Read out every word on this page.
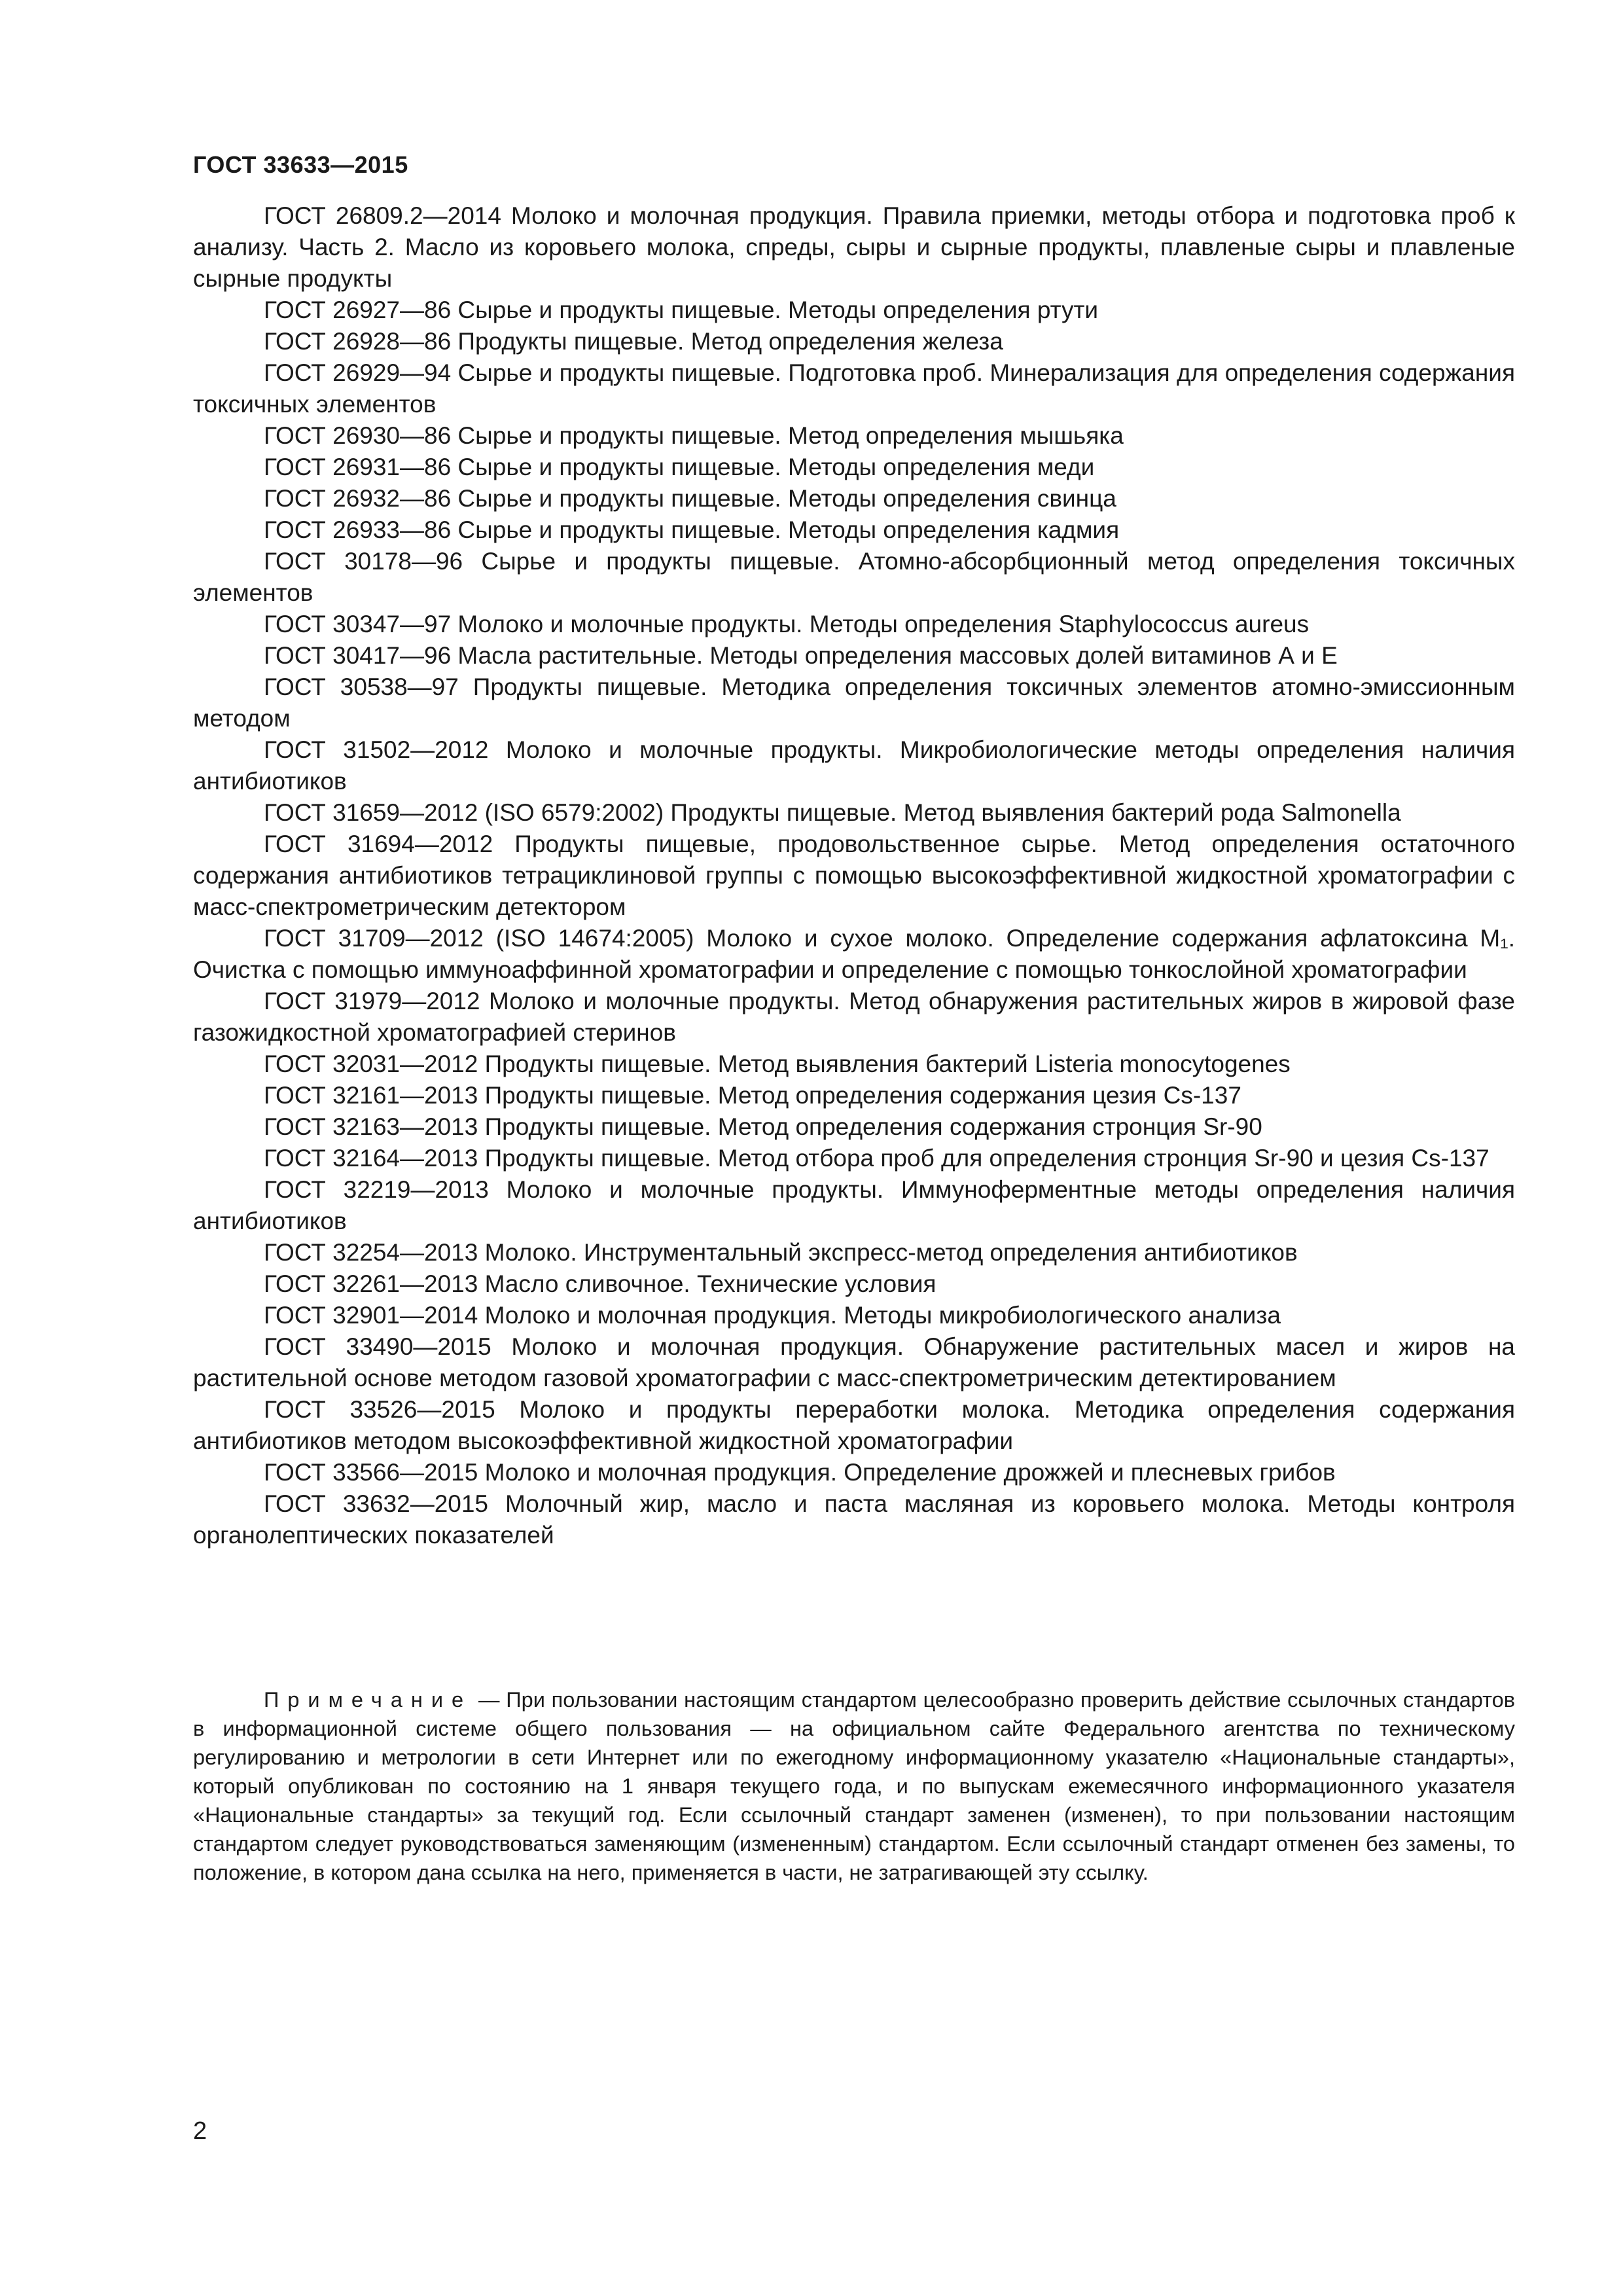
ГОСТ 33633—2015

ГОСТ 26809.2—2014 Молоко и молочная продукция. Правила приемки, методы отбора и подготовка проб к анализу. Часть 2. Масло из коровьего молока, спреды, сыры и сырные продукты, плавленые сыры и плавленые сырные продукты

ГОСТ 26927—86 Сырье и продукты пищевые. Методы определения ртути

ГОСТ 26928—86 Продукты пищевые. Метод определения железа

ГОСТ 26929—94 Сырье и продукты пищевые. Подготовка проб. Минерализация для определения содержания токсичных элементов

ГОСТ 26930—86 Сырье и продукты пищевые. Метод определения мышьяка

ГОСТ 26931—86 Сырье и продукты пищевые. Методы определения меди

ГОСТ 26932—86 Сырье и продукты пищевые. Методы определения свинца

ГОСТ 26933—86 Сырье и продукты пищевые. Методы определения кадмия

ГОСТ 30178—96 Сырье и продукты пищевые. Атомно-абсорбционный метод определения токсичных элементов

ГОСТ 30347—97 Молоко и молочные продукты. Методы определения Staphylococcus aureus

ГОСТ 30417—96 Масла растительные. Методы определения массовых долей витаминов А и Е

ГОСТ 30538—97 Продукты пищевые. Методика определения токсичных элементов атомно-эмиссионным методом

ГОСТ 31502—2012 Молоко и молочные продукты. Микробиологические методы определения наличия антибиотиков

ГОСТ 31659—2012 (ISO 6579:2002) Продукты пищевые. Метод выявления бактерий рода Salmonella

ГОСТ 31694—2012 Продукты пищевые, продовольственное сырье. Метод определения остаточного содержания антибиотиков тетрациклиновой группы с помощью высокоэффективной жидкостной хроматографии с масс-спектрометрическим детектором

ГОСТ 31709—2012 (ISO 14674:2005) Молоко и сухое молоко. Определение содержания афлатоксина M₁. Очистка с помощью иммуноаффинной хроматографии и определение с помощью тонкослойной хроматографии

ГОСТ 31979—2012 Молоко и молочные продукты. Метод обнаружения растительных жиров в жировой фазе газожидкостной хроматографией стеринов

ГОСТ 32031—2012 Продукты пищевые. Метод выявления бактерий Listeria monocytogenes

ГОСТ 32161—2013 Продукты пищевые. Метод определения содержания цезия Cs-137

ГОСТ 32163—2013 Продукты пищевые. Метод определения содержания стронция Sr-90

ГОСТ 32164—2013 Продукты пищевые. Метод отбора проб для определения стронция Sr-90 и цезия Cs-137

ГОСТ 32219—2013 Молоко и молочные продукты. Иммуноферментные методы определения наличия антибиотиков

ГОСТ 32254—2013 Молоко. Инструментальный экспресс-метод определения антибиотиков

ГОСТ 32261—2013 Масло сливочное. Технические условия

ГОСТ 32901—2014 Молоко и молочная продукция. Методы микробиологического анализа

ГОСТ 33490—2015 Молоко и молочная продукция. Обнаружение растительных масел и жиров на растительной основе методом газовой хроматографии с масс-спектрометрическим детектированием

ГОСТ 33526—2015 Молоко и продукты переработки молока. Методика определения содержания антибиотиков методом высокоэффективной жидкостной хроматографии

ГОСТ 33566—2015 Молоко и молочная продукция. Определение дрожжей и плесневых грибов

ГОСТ 33632—2015 Молочный жир, масло и паста масляная из коровьего молока. Методы контроля органолептических показателей

Примечание — При пользовании настоящим стандартом целесообразно проверить действие ссылочных стандартов в информационной системе общего пользования — на официальном сайте Федерального агентства по техническому регулированию и метрологии в сети Интернет или по ежегодному информационному указателю «Национальные стандарты», который опубликован по состоянию на 1 января текущего года, и по выпускам ежемесячного информационного указателя «Национальные стандарты» за текущий год. Если ссылочный стандарт заменен (изменен), то при пользовании настоящим стандартом следует руководствоваться заменяющим (измененным) стандартом. Если ссылочный стандарт отменен без замены, то положение, в котором дана ссылка на него, применяется в части, не затрагивающей эту ссылку.

2
